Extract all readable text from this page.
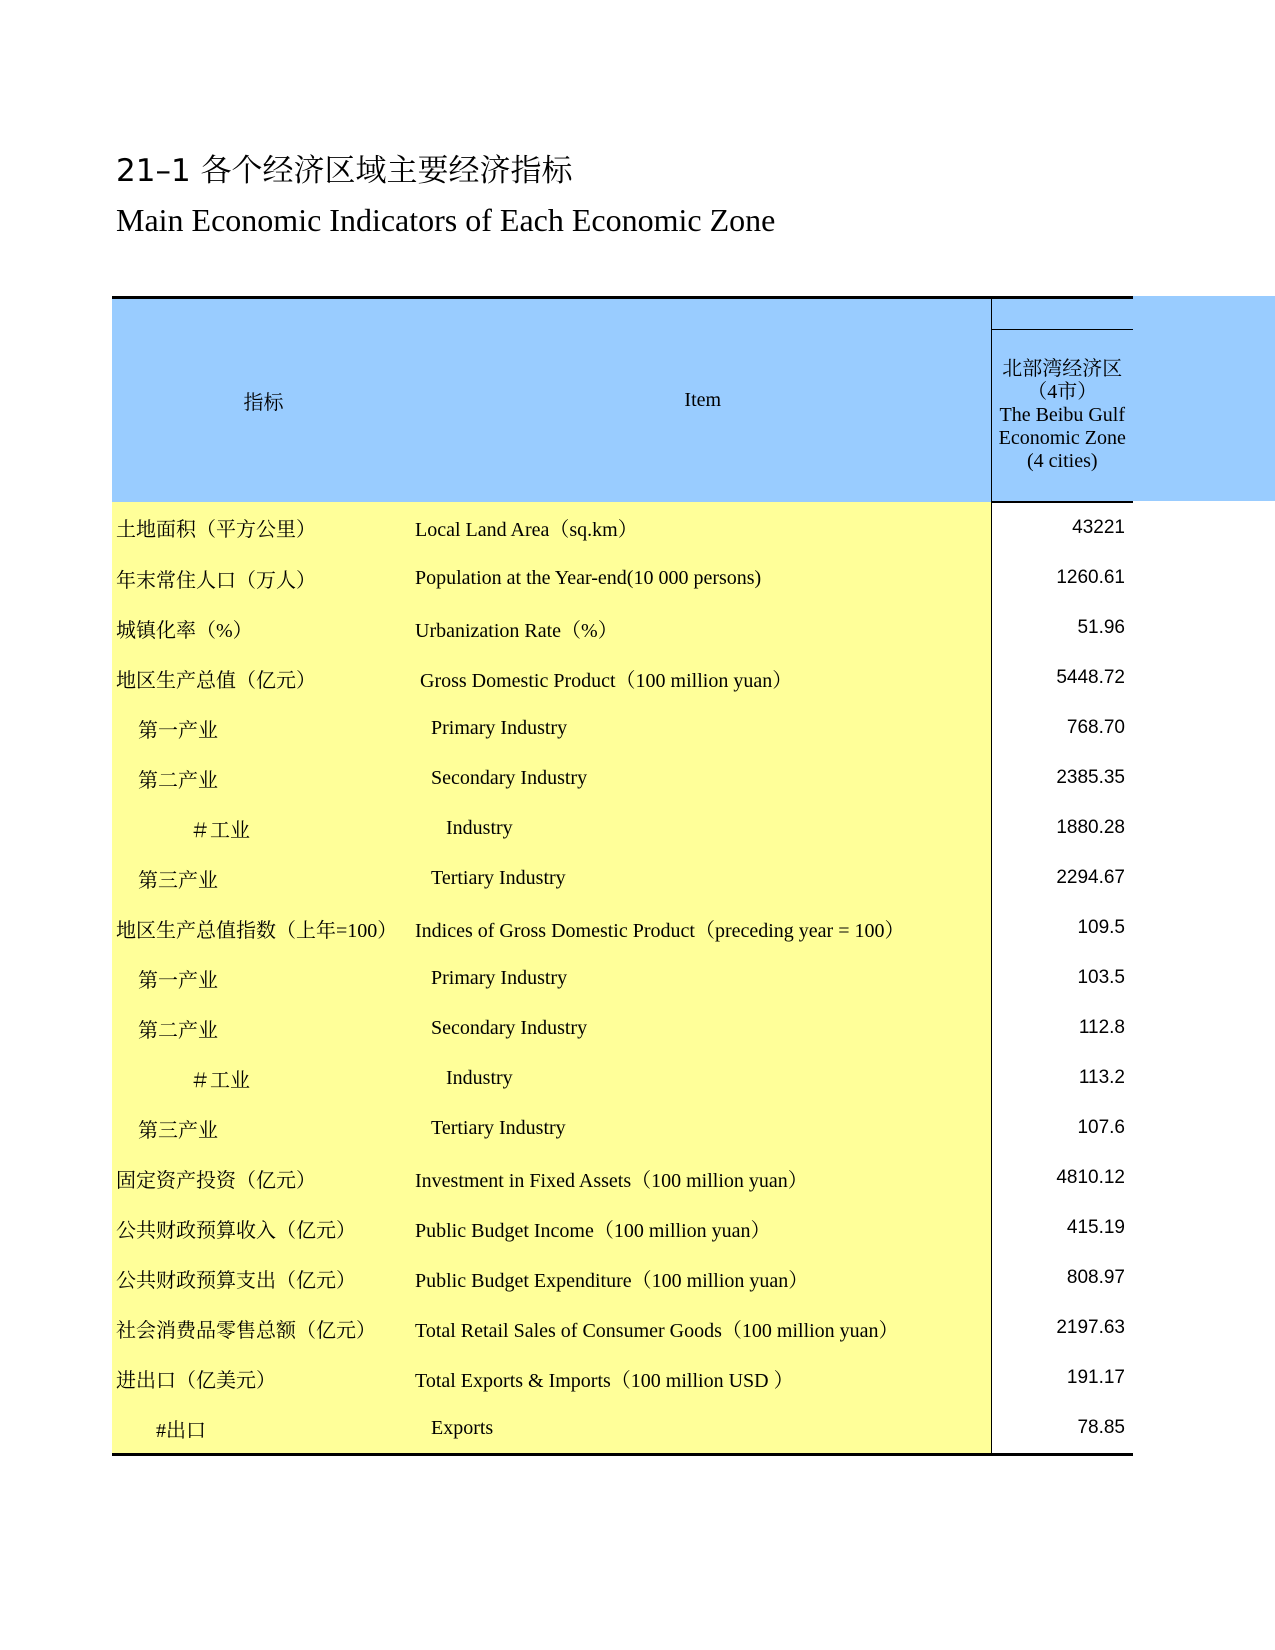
21–1 各个经济区域主要经济指标
Main Economic Indicators of Each Economic Zone
指标	Item	

		北部湾经济区
（4市）
The Beibu Gulf
Economic Zone
(4 cities)

土地面积（平方公里）	Local Land Area（sq.km）	43221
年末常住人口（万人）	Population at the Year-end(10 000 persons)	1260.61
城镇化率（%）	Urbanization Rate（%）	51.96
地区生产总值（亿元）	Gross Domestic Product（100 million yuan）	5448.72
第一产业	Primary Industry	768.70
第二产业	Secondary Industry	2385.35
＃工业	Industry	1880.28
第三产业	Tertiary Industry	2294.67
地区生产总值指数（上年=100）	Indices of Gross Domestic Product（preceding year = 100）	109.5
第一产业	Primary Industry	103.5
第二产业	Secondary Industry	112.8
＃工业	Industry	113.2
第三产业	Tertiary Industry	107.6
固定资产投资（亿元）	Investment in Fixed Assets（100 million yuan）	4810.12
公共财政预算收入（亿元）	Public Budget Income（100 million yuan）	415.19
公共财政预算支出（亿元）	Public Budget Expenditure（100 million yuan）	808.97
社会消费品零售总额（亿元）	Total Retail Sales of Consumer Goods（100 million yuan）	2197.63
进出口（亿美元）	Total Exports & Imports（100 million USD ）	191.17
#出口	Exports	78.85
